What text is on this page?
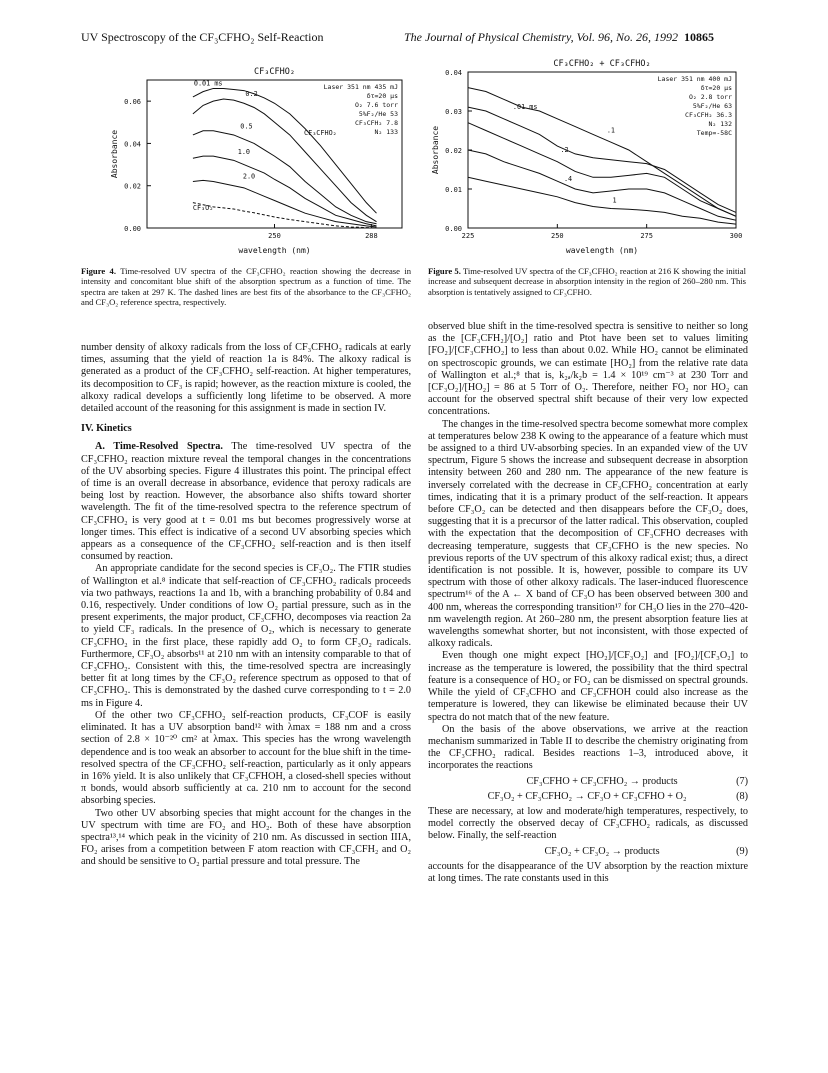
UV Spectroscopy of the CF₃CFHO₂ Self-Reaction	The Journal of Physical Chemistry, Vol. 96, No. 26, 1992 10865
CF₃CFHO₂
0.00
0.02
0.04
0.06
250	288
wavelength (nm)
Absorbance
Laser 351 nm 435 mJ
δτ=20 μs
O₂ 7.6 torr
5%F₂/He 53
CF₃CFH₂ 7.8
N₂ 133
0.01 ms
0.2
0.5
1.0
2.0
CF₃CFHO₂
CF₃O₂
Figure 4. Time-resolved UV spectra of the CF₃CFHO₂ reaction showing the decrease in intensity and concomitant blue shift of the absorption spectrum as a function of time. The spectra are taken at 297 K. The dashed lines are best fits of the absorbance to the CF₃CFHO₂ and CF₃O₂ reference spectra, respectively.
CF₃CFHO₂ + CF₃CFHO₂
0.00
0.01
0.02
0.03
0.04
225	250	275	300
wavelength (nm)
Absorbance
Laser 351 nm 400 mJ
δτ=20 μs
O₂ 2.8 torr
5%F₂/He 63
CF₃CFH₂ 36.3
N₂ 132
Temp=-58C
.01 ms
.1
.2
.4
1
Figure 5. Time-resolved UV spectra of the CF₃CFHO₂ reaction at 216 K showing the initial increase and subsequent decrease in absorption intensity in the region of 260–280 nm. This absorption is tentatively assigned to CF₃CFHO.

number density of alkoxy radicals from the loss of CF₃CFHO₂ radicals at early times, assuming that the yield of reaction 1a is 84%. The alkoxy radical is generated as a product of the CF₃CFHO₂ self-reaction. At higher temperatures, its decomposition to CF₃ is rapid; however, as the reaction mixture is cooled, the alkoxy radical develops a sufficiently long lifetime to be observed. A more detailed account of the reasoning for this assignment is made in section IV.

IV. Kinetics

A. Time-Resolved Spectra. The time-resolved UV spectra of the CF₃CFHO₂ reaction mixture reveal the temporal changes in the concentrations of the UV absorbing species. Figure 4 illustrates this point. The principal effect of time is an overall decrease in absorbance, evidence that peroxy radicals are being lost by reaction. However, the absorbance also shifts toward shorter wavelength. The fit of the time-resolved spectra to the reference spectrum of CF₃CFHO₂ is very good at t = 0.01 ms but becomes progressively worse at longer times. This effect is indicative of a second UV absorbing species which appears as a consequence of the CF₃CFHO₂ self-reaction and is then itself consumed by reaction.

An appropriate candidate for the second species is CF₃O₂. The FTIR studies of Wallington et al.⁸ indicate that self-reaction of CF₃CFHO₂ radicals proceeds via two pathways, reactions 1a and 1b, with a branching probability of 0.84 and 0.16, respectively. Under conditions of low O₂ partial pressure, such as in the present experiments, the major product, CF₃CFHO, decomposes via reaction 2a to yield CF₃ radicals. In the presence of O₂, which is necessary to generate CF₃CFHO₂ in the first place, these rapidly add O₂ to form CF₃O₂ radicals. Furthermore, CF₃O₂ absorbs¹¹ at 210 nm with an intensity comparable to that of CF₃CFHO₂. Consistent with this, the time-resolved spectra are increasingly better fit at long times by the CF₃O₂ reference spectrum as opposed to that of CF₃CFHO₂. This is demonstrated by the dashed curve corresponding to t = 2.0 ms in Figure 4.

Of the other two CF₃CFHO₂ self-reaction products, CF₃COF is easily eliminated. It has a UV absorption band¹² with λmax = 188 nm and a cross section of 2.8 × 10⁻²⁰ cm² at λmax. This species has the wrong wavelength dependence and is too weak an absorber to account for the blue shift in the time-resolved spectra of the CF₃CFHO₂ self-reaction, particularly as it only appears in 16% yield. It is also unlikely that CF₃CFHOH, a closed-shell species without π bonds, would absorb sufficiently at ca. 210 nm to account for the second absorbing species.

Two other UV absorbing species that might account for the changes in the UV spectrum with time are FO₂ and HO₂. Both of these have absorption spectra¹³,¹⁴ which peak in the vicinity of 210 nm. As discussed in section IIIA, FO₂ arises from a competition between F atom reaction with CF₃CFH₂ and O₂ and should be sensitive to O₂ partial pressure and total pressure. The

observed blue shift in the time-resolved spectra is sensitive to neither so long as the [CF₃CFH₂]/[O₂] ratio and Ptot have been set to values limiting [FO₂]/[CF₃CFHO₂] to less than about 0.02. While HO₂ cannot be eliminated on spectroscopic grounds, we can estimate [HO₂] from the relative rate data of Wallington et al.;⁸ that is, k₂ₐ/k₂b = 1.4 × 10¹⁹ cm⁻³ at 230 Torr and [CF₃O₂]/[HO₂] = 86 at 5 Torr of O₂. Therefore, neither FO₂ nor HO₂ can account for the observed spectral shift because of their very low expected concentrations.

The changes in the time-resolved spectra become somewhat more complex at temperatures below 238 K owing to the appearance of a feature which must be assigned to a third UV-absorbing species. In an expanded view of the UV spectrum, Figure 5 shows the increase and subsequent decrease in absorption intensity between 260 and 280 nm. The appearance of the new feature is inversely correlated with the decrease in CF₃CFHO₂ concentration at early times, indicating that it is a primary product of the self-reaction. It appears before CF₃O₂ can be detected and then disappears before the CF₃O₂ does, suggesting that it is a precursor of the latter radical. This observation, coupled with the expectation that the decomposition of CF₃CFHO decreases with decreasing temperature, suggests that CF₃CFHO is the new species. No previous reports of the UV spectrum of this alkoxy radical exist; thus, a direct identification is not possible. It is, however, possible to compare its UV spectrum with those of other alkoxy radicals. The laser-induced fluorescence spectrum¹⁶ of the A ← X band of CF₃O has been observed between 300 and 400 nm, whereas the corresponding transition¹⁷ for CH₃O lies in the 270–420-nm wavelength region. At 260–280 nm, the present absorption feature lies at wavelengths somewhat shorter, but not inconsistent, with those expected of alkoxy radicals.

Even though one might expect [HO₂]/[CF₃O₂] and [FO₂]/[CF₃O₂] to increase as the temperature is lowered, the possibility that the third spectral feature is a consequence of HO₂ or FO₂ can be dismissed on spectral grounds. While the yield of CF₃CFHO and CF₃CFHOH could also increase as the temperature is lowered, they can likewise be eliminated because their UV spectra do not match that of the new feature.

On the basis of the above observations, we arrive at the reaction mechanism summarized in Table II to describe the chemistry originating from the CF₃CFHO₂ radical. Besides reactions 1–3, introduced above, it incorporates the reactions

CF₃CFHO + CF₃CFHO₂ → products	(7)
CF₃O₂ + CF₃CFHO₂ → CF₃O + CF₃CFHO + O₂	(8)

These are necessary, at low and moderate/high temperatures, respectively, to model correctly the observed decay of CF₃CFHO₂ radicals, as discussed below. Finally, the self-reaction

CF₃O₂ + CF₃O₂ → products	(9)

accounts for the disappearance of the UV absorption by the reaction mixture at long times. The rate constants used in this
